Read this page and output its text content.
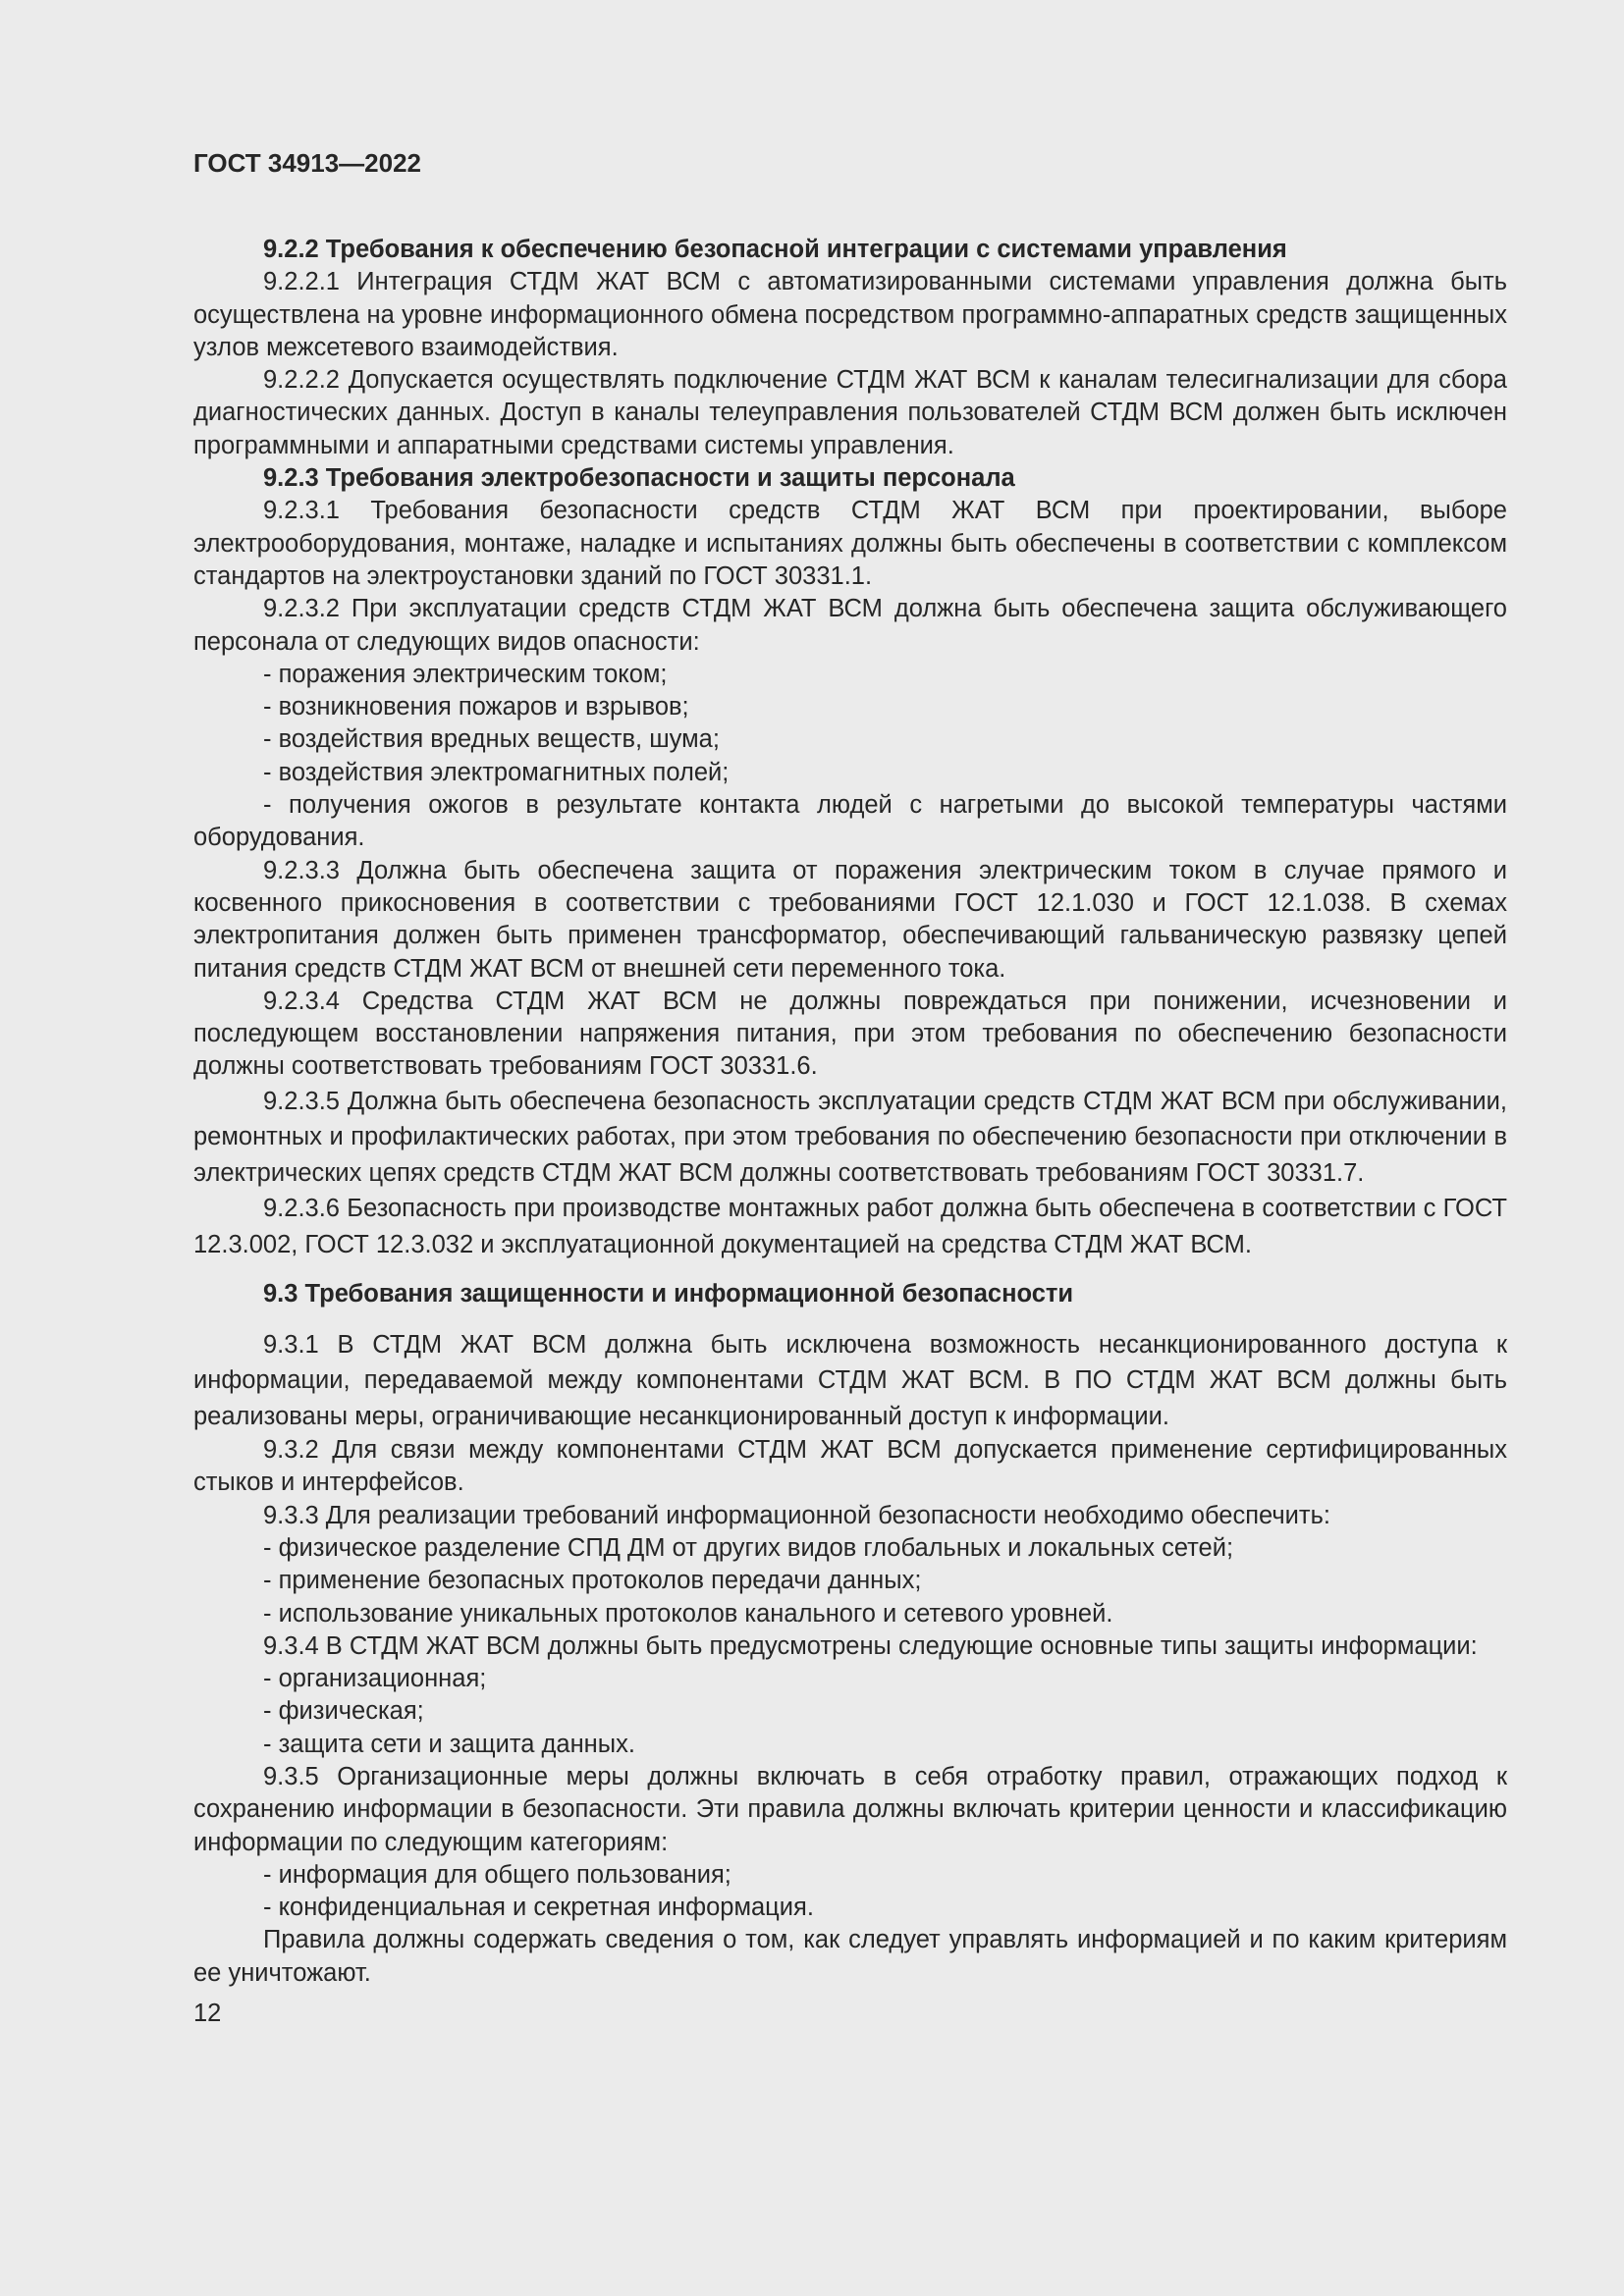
ГОСТ 34913—2022

9.2.2 Требования к обеспечению безопасной интеграции с системами управления

9.2.2.1 Интеграция СТДМ ЖАТ ВСМ с автоматизированными системами управления должна быть осуществлена на уровне информационного обмена посредством программно-аппаратных средств защищенных узлов межсетевого взаимодействия.

9.2.2.2 Допускается осуществлять подключение СТДМ ЖАТ ВСМ к каналам телесигнализации для сбора диагностических данных. Доступ в каналы телеуправления пользователей СТДМ ВСМ должен быть исключен программными и аппаратными средствами системы управления.

9.2.3 Требования электробезопасности и защиты персонала

9.2.3.1 Требования безопасности средств СТДМ ЖАТ ВСМ при проектировании, выборе электрооборудования, монтаже, наладке и испытаниях должны быть обеспечены в соответствии с комплексом стандартов на электроустановки зданий по ГОСТ 30331.1.

9.2.3.2 При эксплуатации средств СТДМ ЖАТ ВСМ должна быть обеспечена защита обслуживающего персонала от следующих видов опасности:

- поражения электрическим током;

- возникновения пожаров и взрывов;

- воздействия вредных веществ, шума;

- воздействия электромагнитных полей;

- получения ожогов в результате контакта людей с нагретыми до высокой температуры частями оборудования.

9.2.3.3 Должна быть обеспечена защита от поражения электрическим током в случае прямого и косвенного прикосновения в соответствии с требованиями ГОСТ 12.1.030 и ГОСТ 12.1.038. В схемах электропитания должен быть применен трансформатор, обеспечивающий гальваническую развязку цепей питания средств СТДМ ЖАТ ВСМ от внешней сети переменного тока.

9.2.3.4 Средства СТДМ ЖАТ ВСМ не должны повреждаться при понижении, исчезновении и последующем восстановлении напряжения питания, при этом требования по обеспечению безопасности должны соответствовать требованиям ГОСТ 30331.6.

9.2.3.5 Должна быть обеспечена безопасность эксплуатации средств СТДМ ЖАТ ВСМ при обслуживании, ремонтных и профилактических работах, при этом требования по обеспечению безопасности при отключении в электрических цепях средств СТДМ ЖАТ ВСМ должны соответствовать требованиям ГОСТ 30331.7.

9.2.3.6 Безопасность при производстве монтажных работ должна быть обеспечена в соответствии с ГОСТ 12.3.002, ГОСТ 12.3.032 и эксплуатационной документацией на средства СТДМ ЖАТ ВСМ.

9.3 Требования защищенности и информационной безопасности

9.3.1 В СТДМ ЖАТ ВСМ должна быть исключена возможность несанкционированного доступа к информации, передаваемой между компонентами СТДМ ЖАТ ВСМ. В ПО СТДМ ЖАТ ВСМ должны быть реализованы меры, ограничивающие несанкционированный доступ к информации.

9.3.2 Для связи между компонентами СТДМ ЖАТ ВСМ допускается применение сертифицированных стыков и интерфейсов.

9.3.3 Для реализации требований информационной безопасности необходимо обеспечить:

- физическое разделение СПД ДМ от других видов глобальных и локальных сетей;

- применение безопасных протоколов передачи данных;

- использование уникальных протоколов канального и сетевого уровней.

9.3.4 В СТДМ ЖАТ ВСМ должны быть предусмотрены следующие основные типы защиты информации:

- организационная;

- физическая;

- защита сети и защита данных.

9.3.5 Организационные меры должны включать в себя отработку правил, отражающих подход к сохранению информации в безопасности. Эти правила должны включать критерии ценности и классификацию информации по следующим категориям:

- информация для общего пользования;

- конфиденциальная и секретная информация.

Правила должны содержать сведения о том, как следует управлять информацией и по каким критериям ее уничтожают.

12
